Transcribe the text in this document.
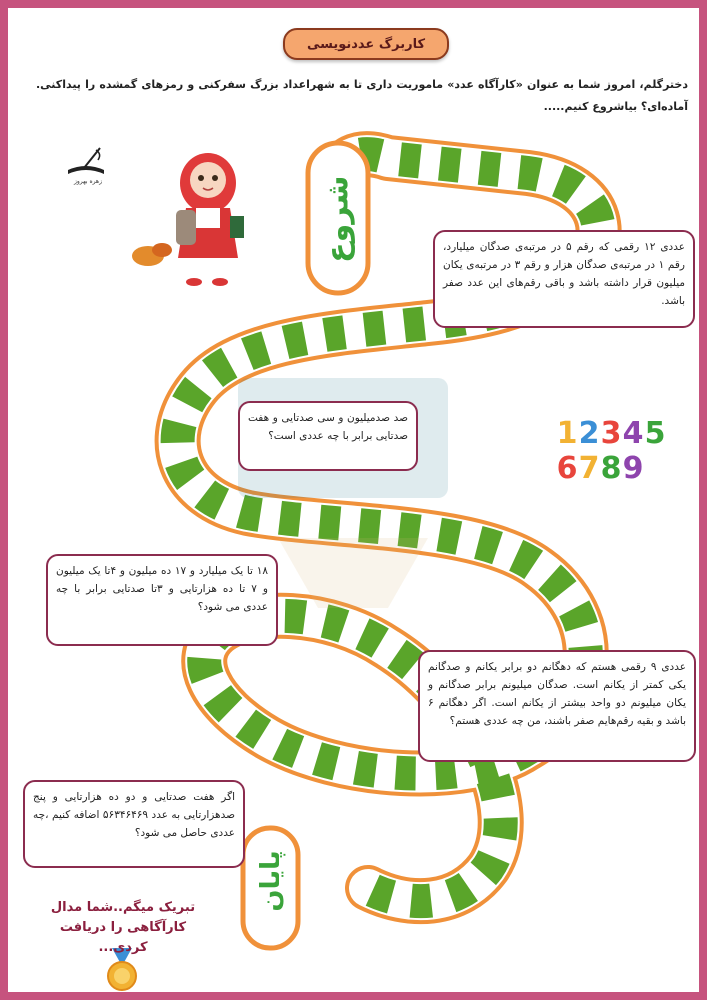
کاربرگ عددنویسی
دخترگلم، امروز شما به عنوان «کارآگاه عدد» ماموریت داری تا به شهراعداد بزرگ سفرکنی و رمزهای گمشده را پیداکنی. آماده‌ای؟ بیاشروع کنیم.....
زهره بهروز	شروع
پایان
عددی ۱۲ رقمی که رقم ۵ در مرتبه‌ی صدگان میلیارد، رقم ۱ در مرتبه‌ی صدگان هزار و رقم ۳ در مرتبه‌ی یکان میلیون قرار داشته باشد و باقی رقم‌های این عدد صفر باشد.
صد صدمیلیون و سی صدتایی و هفت صدتایی برابر با چه عددی است؟
۱۸ تا یک میلیارد و ۱۷ ده میلیون و ۴تا یک میلیون و ۷ تا ده هزارتایی و ۳تا صدتایی برابر با چه عددی می شود؟
عددی ۹ رقمی هستم که دهگانم دو برابر یکانم و صدگانم یکی کمتر از یکانم است. صدگان میلیونم برابر صدگانم و یکان میلیونم دو واحد بیشتر از یکانم است. اگر دهگانم ۶ باشد و بقیه رقم‌هایم صفر باشند، من چه عددی هستم؟
اگر هفت صدتایی و دو ده هزارتایی و پنج صدهزارتایی به عدد ۵۶۳۴۶۴۶۹ اضافه کنیم ،چه عددی حاصل می شود؟
تبریک میگم..شما مدال کارآگاهی را دریافت کردی...
12345
6789
